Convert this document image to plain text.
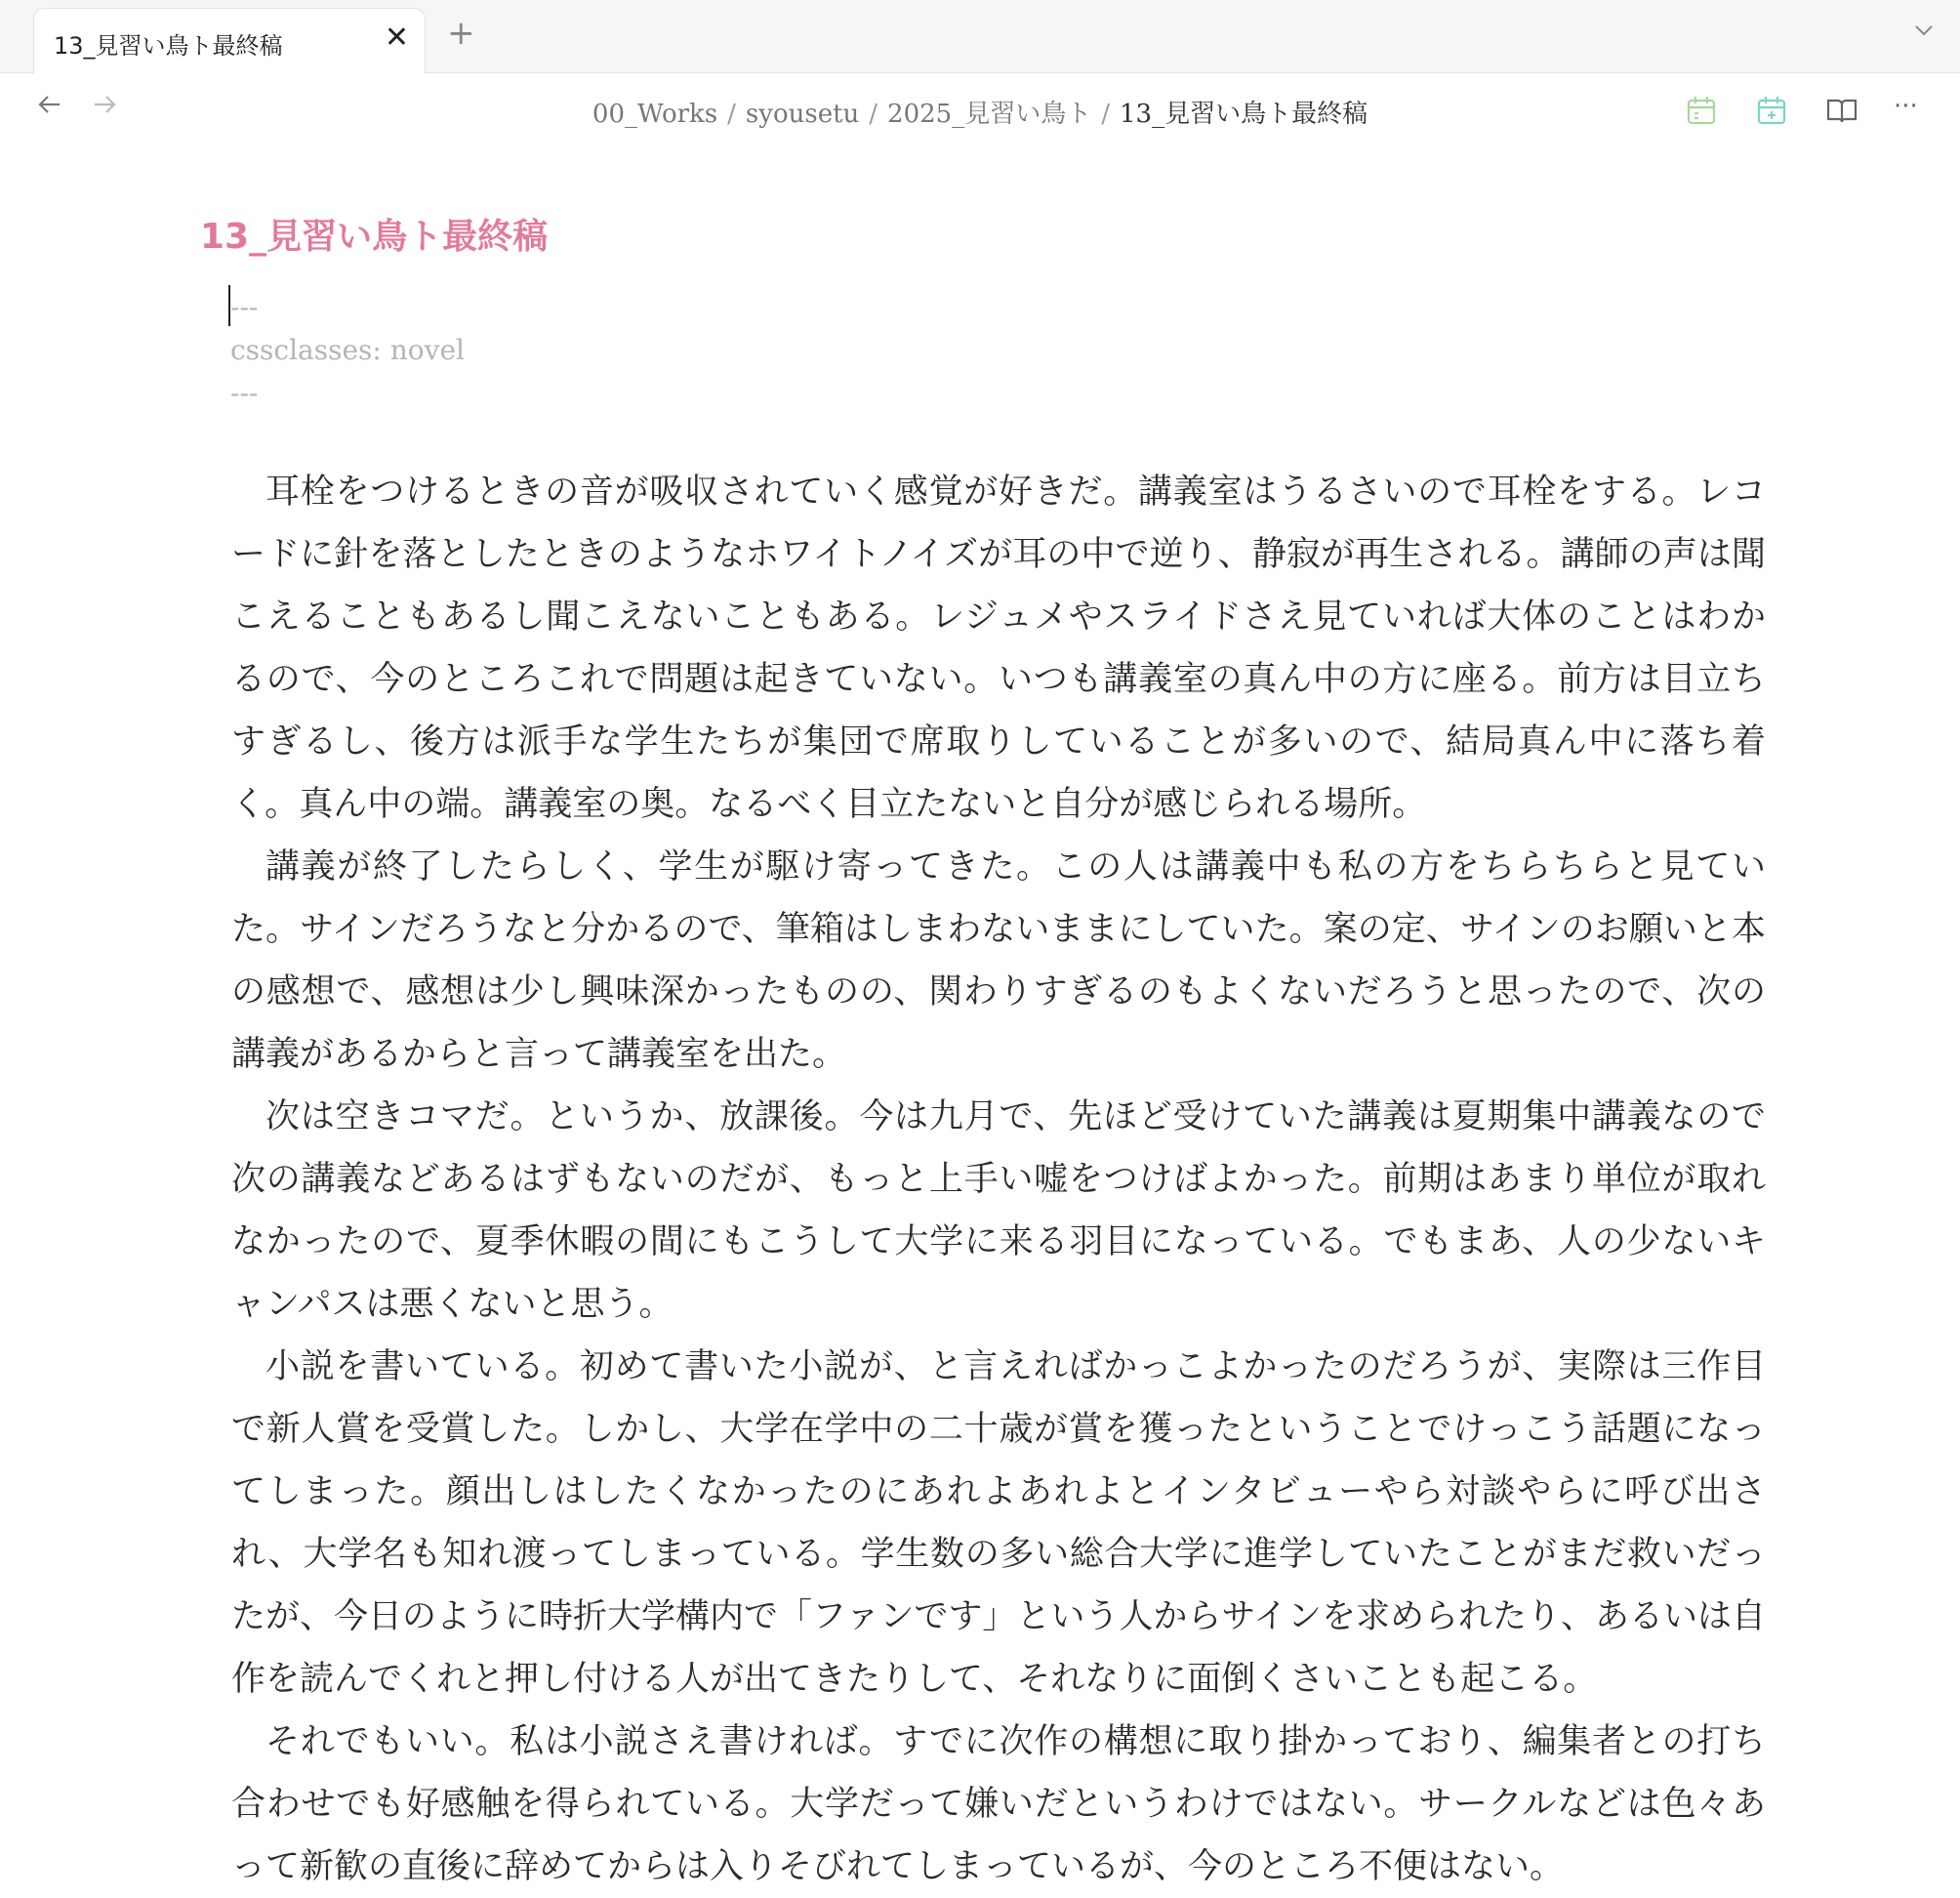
13_見習い鳥ト最終稿	✕ +
00_Works / syousetu / 2025_見習い鳥ト / 13_見習い鳥ト最終稿	···
13_見習い鳥ト最終稿
---
cssclasses: novel
---

耳栓をつけるときの音が吸収されていく感覚が好きだ。講義室はうるさいので耳栓をする。レコードに針を落としたときのようなホワイトノイズが耳の中で逆り、静寂が再生される。講師の声は聞こえることもあるし聞こえないこともある。レジュメやスライドさえ見ていれば大体のことはわかるので、今のところこれで問題は起きていない。いつも講義室の真ん中の方に座る。前方は目立ちすぎるし、後方は派手な学生たちが集団で席取りしていることが多いので、結局真ん中に落ち着く。真ん中の端。講義室の奥。なるべく目立たないと自分が感じられる場所。

講義が終了したらしく、学生が駆け寄ってきた。この人は講義中も私の方をちらちらと見ていた。サインだろうなと分かるので、筆箱はしまわないままにしていた。案の定、サインのお願いと本の感想で、感想は少し興味深かったものの、関わりすぎるのもよくないだろうと思ったので、次の講義があるからと言って講義室を出た。

次は空きコマだ。というか、放課後。今は九月で、先ほど受けていた講義は夏期集中講義なので次の講義などあるはずもないのだが、もっと上手い嘘をつけばよかった。前期はあまり単位が取れなかったので、夏季休暇の間にもこうして大学に来る羽目になっている。でもまあ、人の少ないキャンパスは悪くないと思う。

小説を書いている。初めて書いた小説が、と言えればかっこよかったのだろうが、実際は三作目で新人賞を受賞した。しかし、大学在学中の二十歳が賞を獲ったということでけっこう話題になってしまった。顔出しはしたくなかったのにあれよあれよとインタビューやら対談やらに呼び出され、大学名も知れ渡ってしまっている。学生数の多い総合大学に進学していたことがまだ救いだったが、今日のように時折大学構内で「ファンです」という人からサインを求められたり、あるいは自作を読んでくれと押し付ける人が出てきたりして、それなりに面倒くさいことも起こる。

それでもいい。私は小説さえ書ければ。すでに次作の構想に取り掛かっており、編集者との打ち合わせでも好感触を得られている。大学だって嫌いだというわけではない。サークルなどは色々あって新歓の直後に辞めてからは入りそびれてしまっているが、今のところ不便はない。
